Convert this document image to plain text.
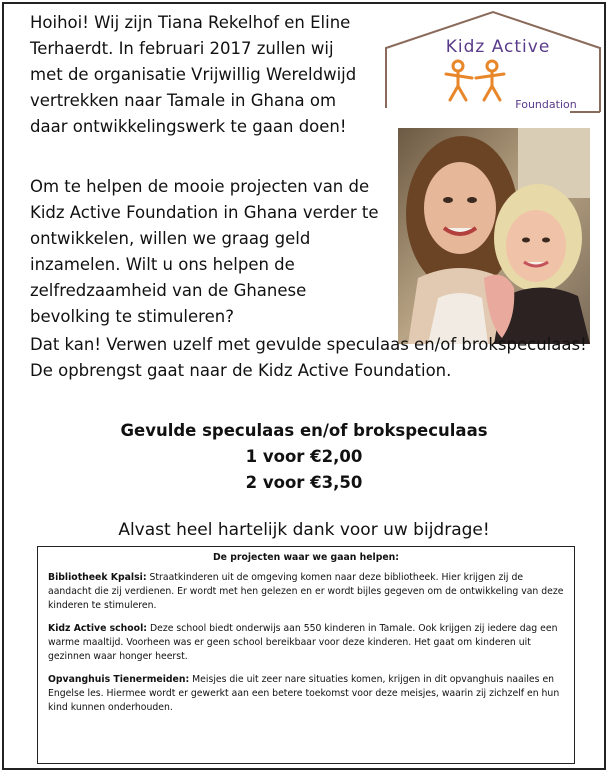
Hoihoi! Wij zijn Tiana Rekelhof en Eline Terhaerdt. In februari 2017 zullen wij met de organisatie Vrijwillig Wereldwijd vertrekken naar Tamale in Ghana om daar ontwikkelingswerk te gaan doen!

Kidz Active
Foundation

Om te helpen de mooie projecten van de Kidz Active Foundation in Ghana verder te ontwikkelen, willen we graag geld inzamelen. Wilt u ons helpen de zelfredzaamheid van de Ghanese bevolking te stimuleren?

Dat kan! Verwen uzelf met gevulde speculaas en/of brokspeculaas! De opbrengst gaat naar de Kidz Active Foundation.

Gevulde speculaas en/of brokspeculaas
1 voor €2,00
2 voor €3,50
Alvast heel hartelijk dank voor uw bijdrage!
De projecten waar we gaan helpen:

Bibliotheek Kpalsi: Straatkinderen uit de omgeving komen naar deze bibliotheek. Hier krijgen zij de aandacht die zij verdienen. Er wordt met hen gelezen en er wordt bijles gegeven om de ontwikkeling van deze kinderen te stimuleren.

Kidz Active school: Deze school biedt onderwijs aan 550 kinderen in Tamale. Ook krijgen zij iedere dag een warme maaltijd. Voorheen was er geen school bereikbaar voor deze kinderen. Het gaat om kinderen uit gezinnen waar honger heerst.

Opvanghuis Tienermeiden: Meisjes die uit zeer nare situaties komen, krijgen in dit opvanghuis naailes en Engelse les. Hiermee wordt er gewerkt aan een betere toekomst voor deze meisjes, waarin zij zichzelf en hun kind kunnen onderhouden.
